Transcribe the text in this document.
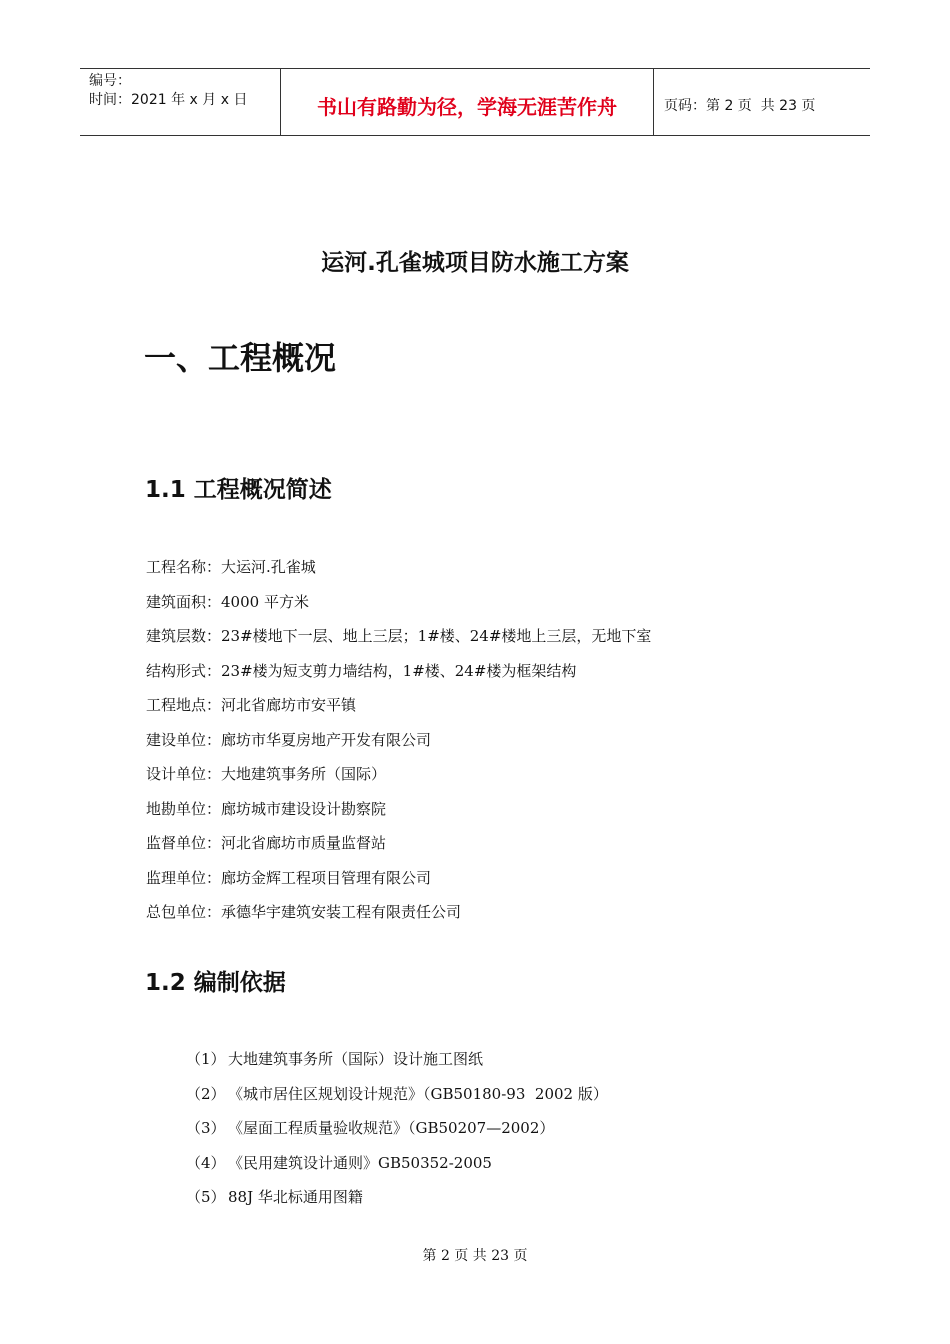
编号：
时间：2021 年 x 月 x 日	书山有路勤为径，学海无涯苦作舟	页码：第 2 页  共 23 页
运河.孔雀城项目防水施工方案
一、工程概况
1.1 工程概况简述
工程名称：大运河.孔雀城
建筑面积：4000 平方米
建筑层数：23#楼地下一层、地上三层；1#楼、24#楼地上三层，无地下室
结构形式：23#楼为短支剪力墙结构，1#楼、24#楼为框架结构
工程地点：河北省廊坊市安平镇
建设单位：廊坊市华夏房地产开发有限公司
设计单位：大地建筑事务所（国际）
地勘单位：廊坊城市建设设计勘察院
监督单位：河北省廊坊市质量监督站
监理单位：廊坊金辉工程项目管理有限公司
总包单位：承德华宇建筑安装工程有限责任公司
1.2 编制依据
（1） 大地建筑事务所（国际）设计施工图纸
（2） 《城市居住区规划设计规范》（GB50180-93  2002 版）
（3） 《屋面工程质量验收规范》（GB50207—2002）
（4） 《民用建筑设计通则》GB50352-2005
（5） 88J 华北标通用图籍
第 2 页 共 23 页
